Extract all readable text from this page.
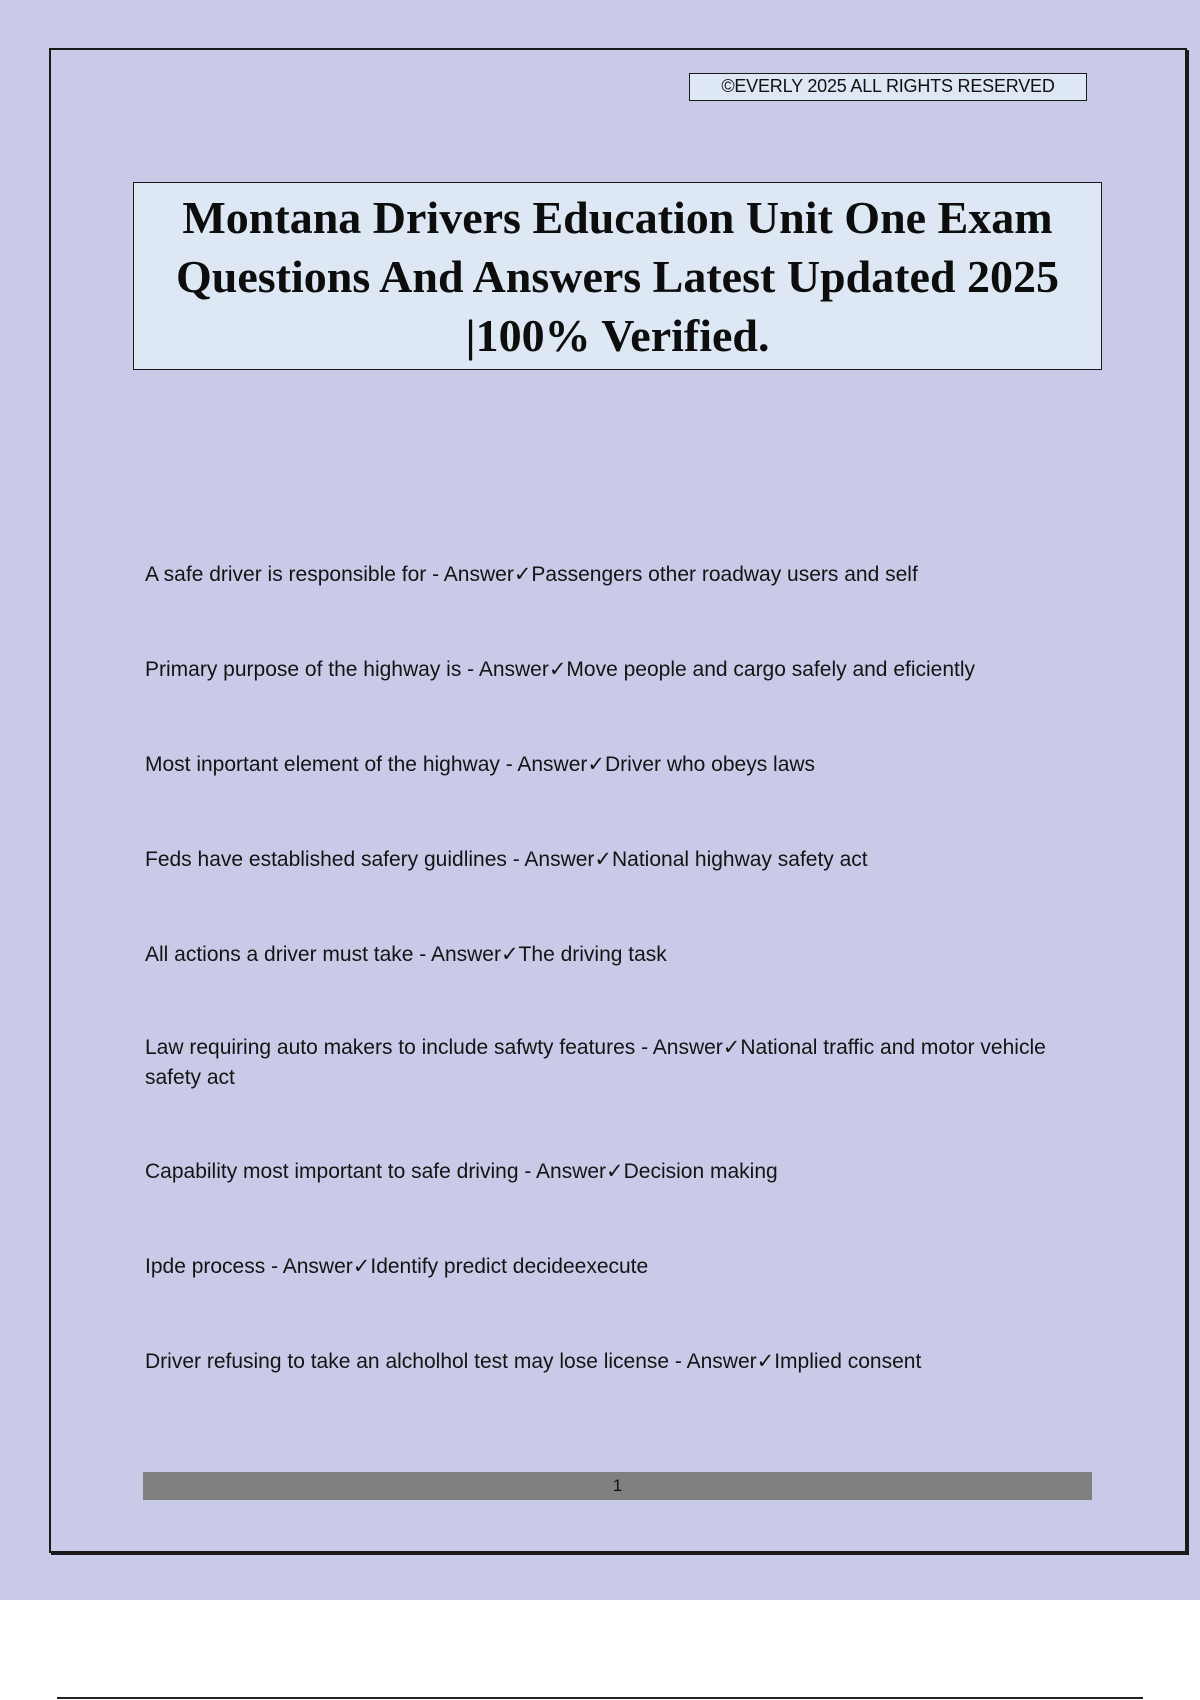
©EVERLY 2025 ALL RIGHTS RESERVED
Montana Drivers Education Unit One Exam
Questions And Answers Latest Updated 2025
|100% Verified.
A safe driver is responsible for - Answer✓Passengers other roadway users and self
Primary purpose of the highway is - Answer✓Move people and cargo safely and eficiently
Most inportant element of the highway - Answer✓Driver who obeys laws
Feds have established safery guidlines - Answer✓National highway safety act
All actions a driver must take - Answer✓The driving task
Law requiring auto makers to include safwty features - Answer✓National traffic and motor vehicle safety act
Capability most important to safe driving - Answer✓Decision making
Ipde process - Answer✓Identify predict decideexecute
Driver refusing to take an alcholhol test may lose license - Answer✓Implied consent
1
